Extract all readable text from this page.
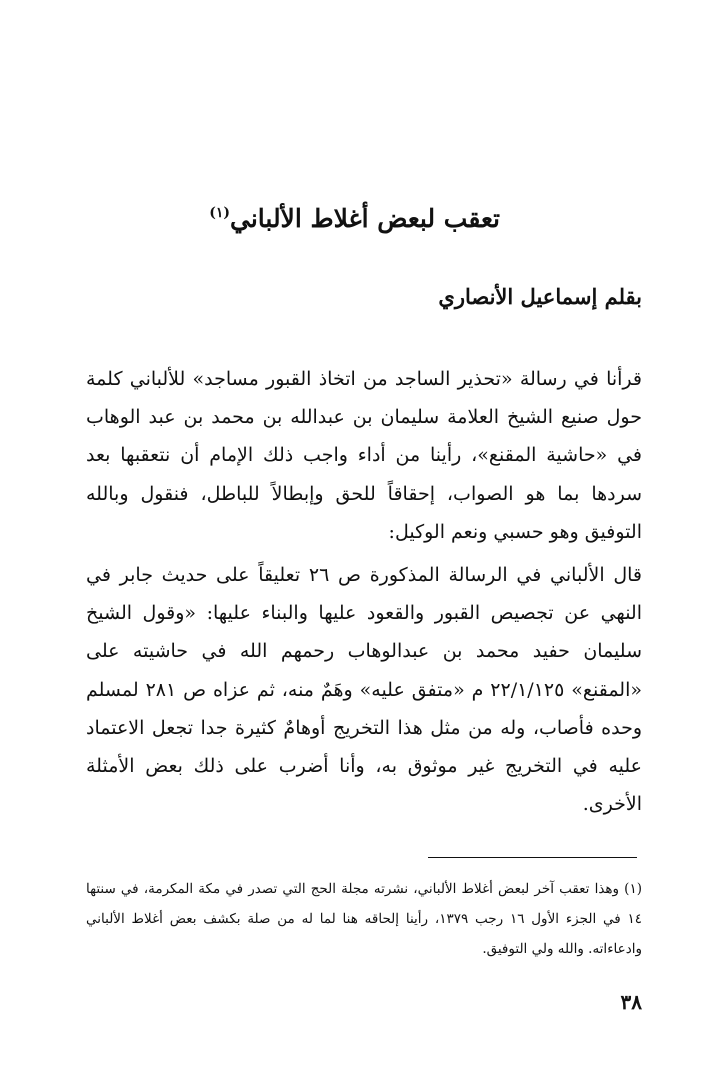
تعقب لبعض أغلاط الألباني$^{(١)}$
بقلم إسماعيل الأنصاري

قرأنا في رسالة «تحذير الساجد من اتخاذ القبور مساجد» للألباني كلمة حول صنيع الشيخ العلامة سليمان بن عبدالله بن محمد بن عبد الوهاب في «حاشية المقنع»، رأينا من أداء واجب ذلك الإمام أن نتعقبها بعد سردها بما هو الصواب، إحقاقاً للحق وإبطالاً للباطل، فنقول وبالله التوفيق وهو حسبي ونعم الوكيل:

قال الألباني في الرسالة المذكورة ص ٢٦ تعليقاً على حديث جابر في النهي عن تجصيص القبور والقعود عليها والبناء عليها: «وقول الشيخ سليمان حفيد محمد بن عبدالوهاب رحمهم الله في حاشيته على «المقنع» ٢٢/١/١٢٥ م «متفق عليه» وهَمٌ منه، ثم عزاه ص ٢٨١ لمسلم وحده فأصاب، وله من مثل هذا التخريج أوهامٌ كثيرة جدا تجعل الاعتماد عليه في التخريج غير موثوق به، وأنا أضرب على ذلك بعض الأمثلة الأخرى.

(١) وهذا تعقب آخر لبعض أغلاط الألباني، نشرته مجلة الحج التي تصدر في مكة المكرمة، في سنتها ١٤ في الجزء الأول ١٦ رجب ١٣٧٩، رأينا إلحاقه هنا لما له من صلة بكشف بعض أغلاط الألباني وادعاءاته. والله ولي التوفيق.

٣٨
